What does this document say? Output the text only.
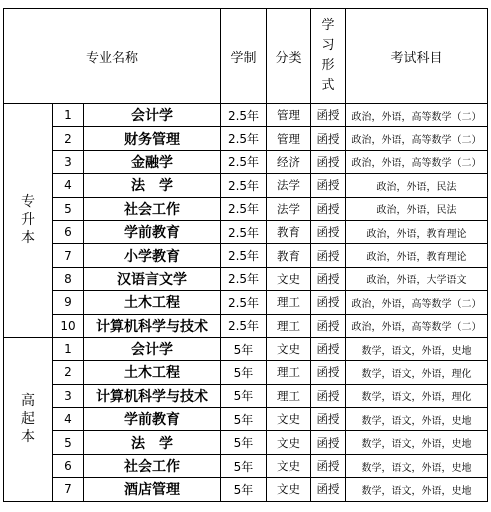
专业名称			学制	分类	学
习
形
式	考试科目

专
升
本	1	会计学	2.5年	管理	函授	政治，外语，高等数学（二）
	2	财务管理	2.5年	管理	函授	政治，外语，高等数学（二）
	3	金融学	2.5年	经济	函授	政治，外语，高等数学（二）
	4	法　学	2.5年	法学	函授	政治，外语，民法
	5	社会工作	2.5年	法学	函授	政治，外语，民法
	6	学前教育	2.5年	教育	函授	政治，外语，教育理论
	7	小学教育	2.5年	教育	函授	政治，外语，教育理论
	8	汉语言文学	2.5年	文史	函授	政治，外语，大学语文
	9	土木工程	2.5年	理工	函授	政治，外语，高等数学（二）
	10	计算机科学与技术	2.5年	理工	函授	政治，外语，高等数学（二）

高
起
本	1	会计学	5年	文史	函授	数学，语文，外语，史地
	2	土木工程	5年	理工	函授	数学，语文，外语，理化
	3	计算机科学与技术	5年	理工	函授	数学，语文，外语，理化
	4	学前教育	5年	文史	函授	数学，语文，外语，史地
	5	法　学	5年	文史	函授	数学，语文，外语，史地
	6	社会工作	5年	文史	函授	数学，语文，外语，史地
	7	酒店管理	5年	文史	函授	数学，语文，外语，史地
